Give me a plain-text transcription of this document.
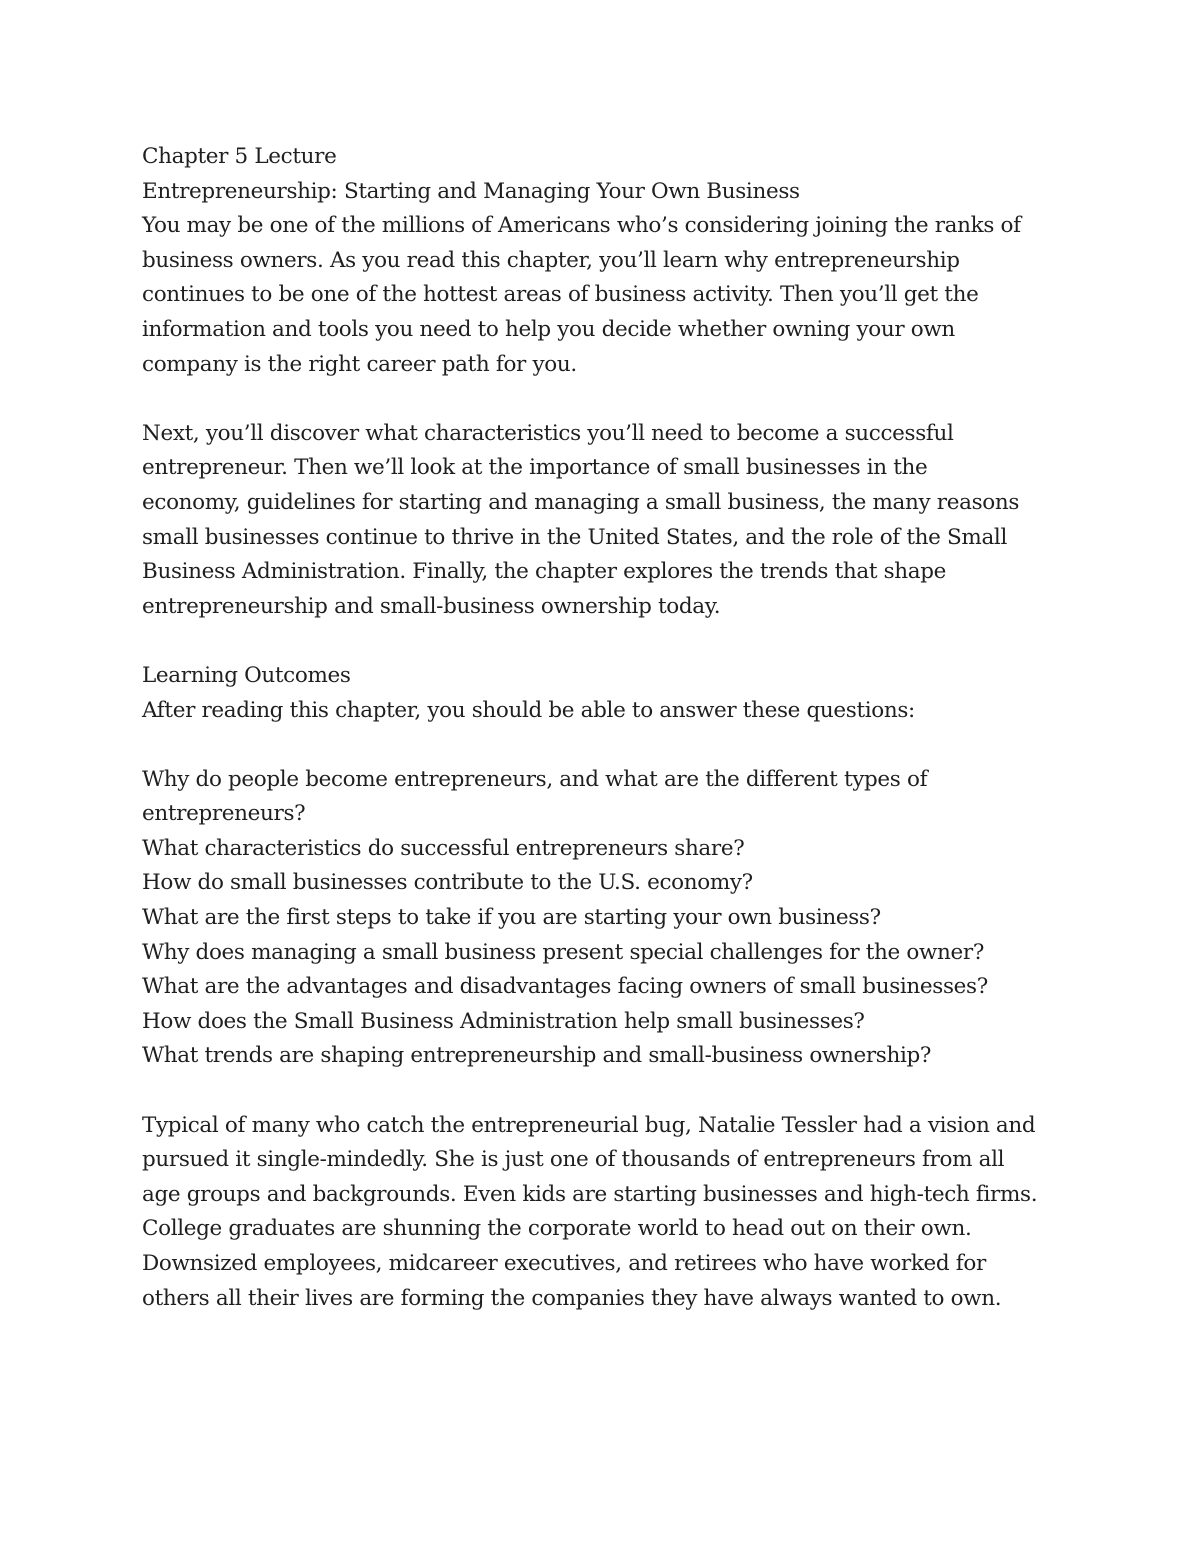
Chapter 5 Lecture
Entrepreneurship: Starting and Managing Your Own Business
You may be one of the millions of Americans who’s considering joining the ranks of
business owners. As you read this chapter, you’ll learn why entrepreneurship
continues to be one of the hottest areas of business activity. Then you’ll get the
information and tools you need to help you decide whether owning your own
company is the right career path for you.
Next, you’ll discover what characteristics you’ll need to become a successful
entrepreneur. Then we’ll look at the importance of small businesses in the
economy, guidelines for starting and managing a small business, the many reasons
small businesses continue to thrive in the United States, and the role of the Small
Business Administration. Finally, the chapter explores the trends that shape
entrepreneurship and small-business ownership today.
Learning Outcomes
After reading this chapter, you should be able to answer these questions:
Why do people become entrepreneurs, and what are the different types of
entrepreneurs?
What characteristics do successful entrepreneurs share?
How do small businesses contribute to the U.S. economy?
What are the first steps to take if you are starting your own business?
Why does managing a small business present special challenges for the owner?
What are the advantages and disadvantages facing owners of small businesses?
How does the Small Business Administration help small businesses?
What trends are shaping entrepreneurship and small-business ownership?
Typical of many who catch the entrepreneurial bug, Natalie Tessler had a vision and
pursued it single-mindedly. She is just one of thousands of entrepreneurs from all
age groups and backgrounds. Even kids are starting businesses and high-tech firms.
College graduates are shunning the corporate world to head out on their own.
Downsized employees, midcareer executives, and retirees who have worked for
others all their lives are forming the companies they have always wanted to own.
